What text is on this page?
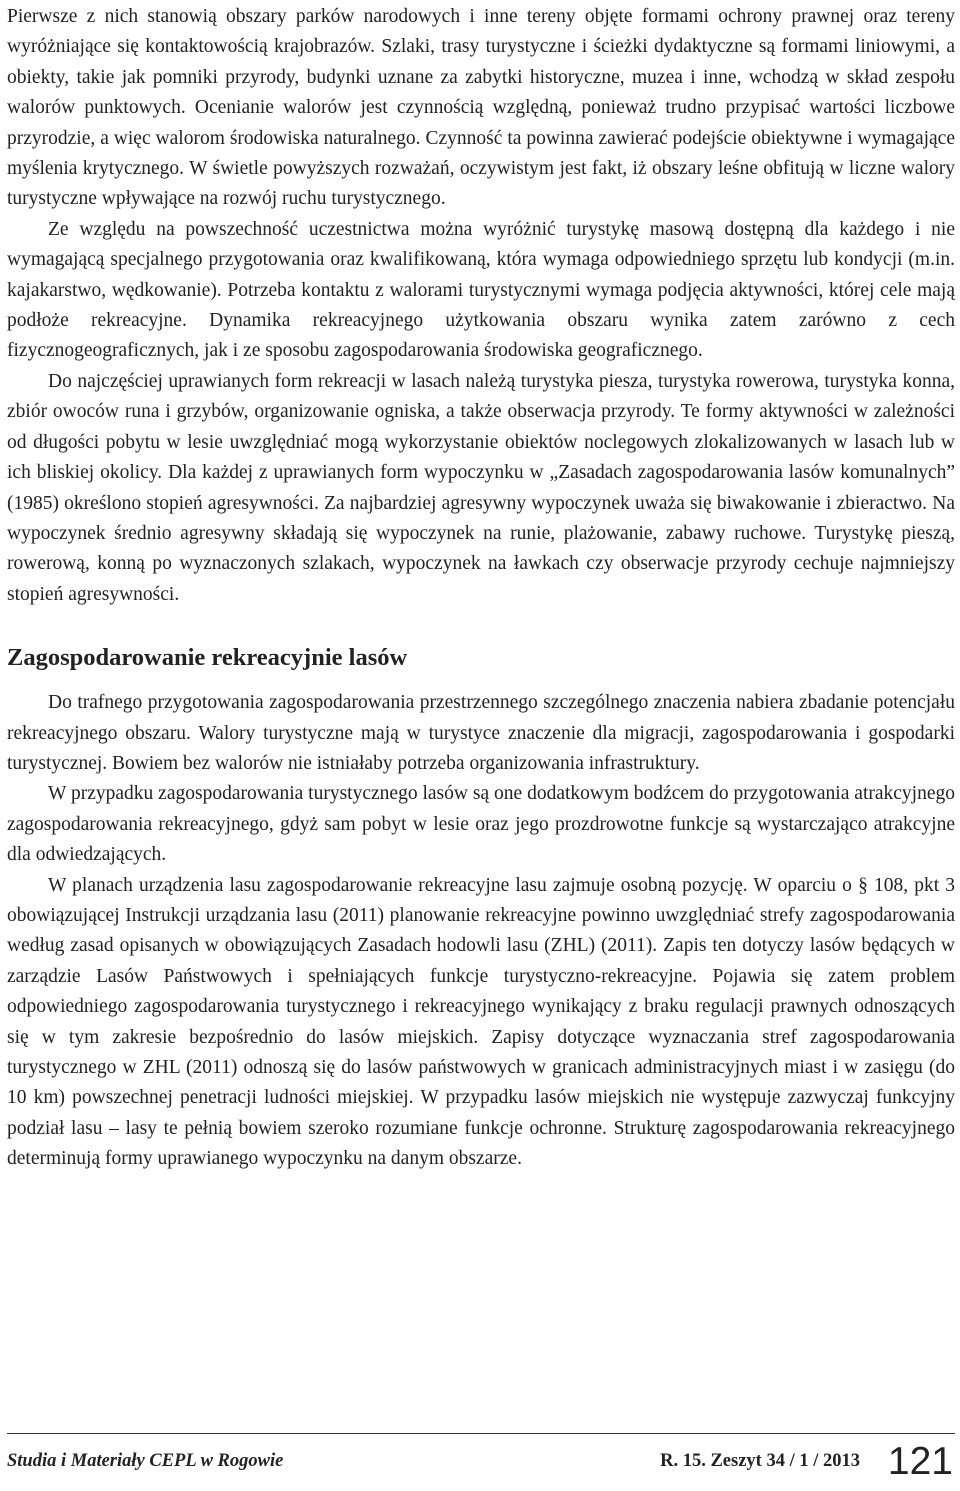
Pierwsze z nich stanowią obszary parków narodowych i inne tereny objęte formami ochrony prawnej oraz tereny wyróżniające się kontaktowością krajobrazów. Szlaki, trasy turystyczne i ścieżki dydaktyczne są formami liniowymi, a obiekty, takie jak pomniki przyrody, budynki uznane za zabytki historyczne, muzea i inne, wchodzą w skład zespołu walorów punktowych. Ocenianie walorów jest czynnością względną, ponieważ trudno przypisać wartości liczbowe przyrodzie, a więc walorom środowiska naturalnego. Czynność ta powinna zawierać podejście obiektywne i wymagające myślenia krytycznego. W świetle powyższych rozważań, oczywistym jest fakt, iż obszary leśne obfitują w liczne walory turystyczne wpływające na rozwój ruchu turystycznego.

Ze względu na powszechność uczestnictwa można wyróżnić turystykę masową dostępną dla każdego i nie wymagającą specjalnego przygotowania oraz kwalifikowaną, która wymaga odpowiedniego sprzętu lub kondycji (m.in. kajakarstwo, wędkowanie). Potrzeba kontaktu z walorami turystycznymi wymaga podjęcia aktywności, której cele mają podłoże rekreacyjne. Dynamika rekreacyjnego użytkowania obszaru wynika zatem zarówno z cech fizycznogeograficznych, jak i ze sposobu zagospodarowania środowiska geograficznego.

Do najczęściej uprawianych form rekreacji w lasach należą turystyka piesza, turystyka rowerowa, turystyka konna, zbiór owoców runa i grzybów, organizowanie ogniska, a także obserwacja przyrody. Te formy aktywności w zależności od długości pobytu w lesie uwzględniać mogą wykorzystanie obiektów noclegowych zlokalizowanych w lasach lub w ich bliskiej okolicy. Dla każdej z uprawianych form wypoczynku w „Zasadach zagospodarowania lasów komunalnych” (1985) określono stopień agresywności. Za najbardziej agresywny wypoczynek uważa się biwakowanie i zbieractwo. Na wypoczynek średnio agresywny składają się wypoczynek na runie, plażowanie, zabawy ruchowe. Turystykę pieszą, rowerową, konną po wyznaczonych szlakach, wypoczynek na ławkach czy obserwacje przyrody cechuje najmniejszy stopień agresywności.

Zagospodarowanie rekreacyjnie lasów

Do trafnego przygotowania zagospodarowania przestrzennego szczególnego znaczenia nabiera zbadanie potencjału rekreacyjnego obszaru. Walory turystyczne mają w turystyce znaczenie dla migracji, zagospodarowania i gospodarki turystycznej. Bowiem bez walorów nie istniałaby potrzeba organizowania infrastruktury.

W przypadku zagospodarowania turystycznego lasów są one dodatkowym bodźcem do przygotowania atrakcyjnego zagospodarowania rekreacyjnego, gdyż sam pobyt w lesie oraz jego prozdrowotne funkcje są wystarczająco atrakcyjne dla odwiedzających.

W planach urządzenia lasu zagospodarowanie rekreacyjne lasu zajmuje osobną pozycję. W oparciu o § 108, pkt 3 obowiązującej Instrukcji urządzania lasu (2011) planowanie rekreacyjne powinno uwzględniać strefy zagospodarowania według zasad opisanych w obowiązujących Zasadach hodowli lasu (ZHL) (2011). Zapis ten dotyczy lasów będących w zarządzie Lasów Państwowych i spełniających funkcje turystyczno-rekreacyjne. Pojawia się zatem problem odpowiedniego zagospodarowania turystycznego i rekreacyjnego wynikający z braku regulacji prawnych odnoszących się w tym zakresie bezpośrednio do lasów miejskich. Zapisy dotyczące wyznaczania stref zagospodarowania turystycznego w ZHL (2011) odnoszą się do lasów państwowych w granicach administracyjnych miast i w zasięgu (do 10 km) powszechnej penetracji ludności miejskiej. W przypadku lasów miejskich nie występuje zazwyczaj funkcyjny podział lasu – lasy te pełnią bowiem szeroko rozumiane funkcje ochronne. Strukturę zagospodarowania rekreacyjnego determinują formy uprawianego wypoczynku na danym obszarze.

Studia i Materiały CEPL w Rogowie	R. 15. Zeszyt 34 / 1 / 2013 121
